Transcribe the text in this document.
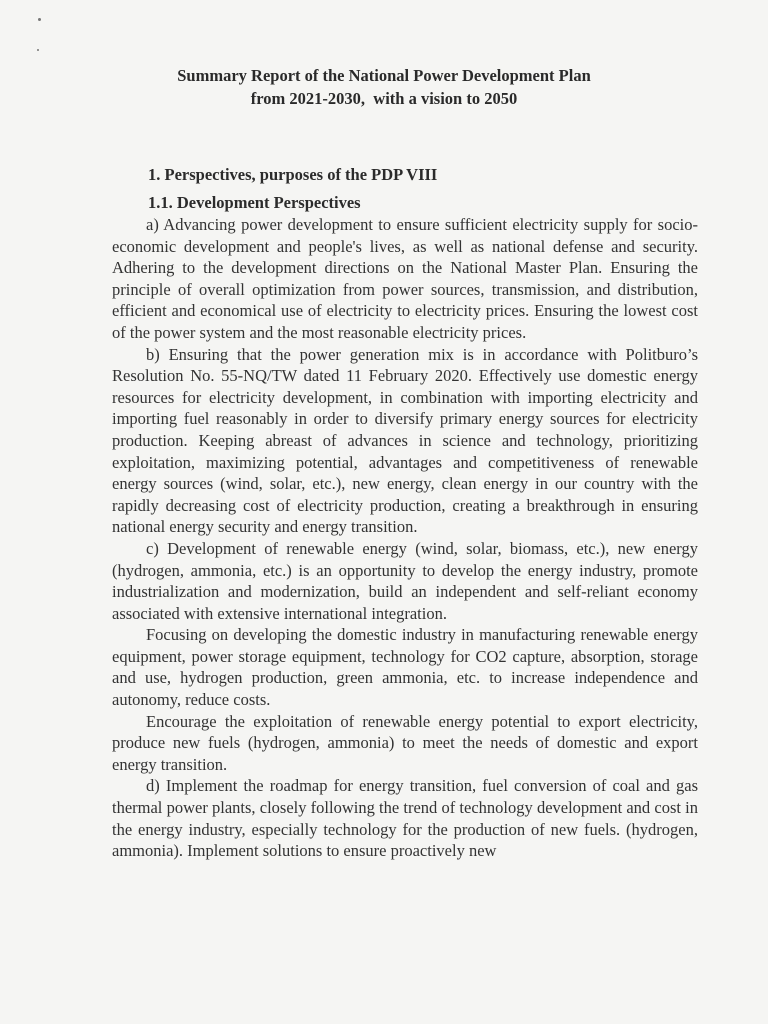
Summary Report of the National Power Development Plan
from 2021-2030,  with a vision to 2050
1. Perspectives, purposes of the PDP VIII
1.1. Development Perspectives

a) Advancing power development to ensure sufficient electricity supply for socio-economic development and people's lives, as well as national defense and security. Adhering to the development directions on the National Master Plan. Ensuring the principle of overall optimization from power sources, transmission, and distribution, efficient and economical use of electricity to electricity prices. Ensuring the lowest cost of the power system and the most reasonable electricity prices.

b) Ensuring that the power generation mix is in accordance with Politburo’s Resolution No. 55-NQ/TW dated 11 February 2020. Effectively use domestic energy resources for electricity development, in combination with importing electricity and importing fuel reasonably in order to diversify primary energy sources for electricity production. Keeping abreast of advances in science and technology, prioritizing exploitation, maximizing potential, advantages and competitiveness of renewable energy sources (wind, solar, etc.), new energy, clean energy in our country with the rapidly decreasing cost of electricity production, creating a breakthrough in ensuring national energy security and energy transition.

c) Development of renewable energy (wind, solar, biomass, etc.), new energy (hydrogen, ammonia, etc.) is an opportunity to develop the energy industry, promote industrialization and modernization, build an independent and self-reliant economy associated with extensive international integration.

Focusing on developing the domestic industry in manufacturing renewable energy equipment, power storage equipment, technology for CO2 capture, absorption, storage and use, hydrogen production, green ammonia, etc. to increase independence and autonomy, reduce costs.

Encourage the exploitation of renewable energy potential to export electricity, produce new fuels (hydrogen, ammonia) to meet the needs of domestic and export energy transition.

d) Implement the roadmap for energy transition, fuel conversion of coal and gas thermal power plants, closely following the trend of technology development and cost in the energy industry, especially technology for the production of new fuels. (hydrogen, ammonia). Implement solutions to ensure proactively new
